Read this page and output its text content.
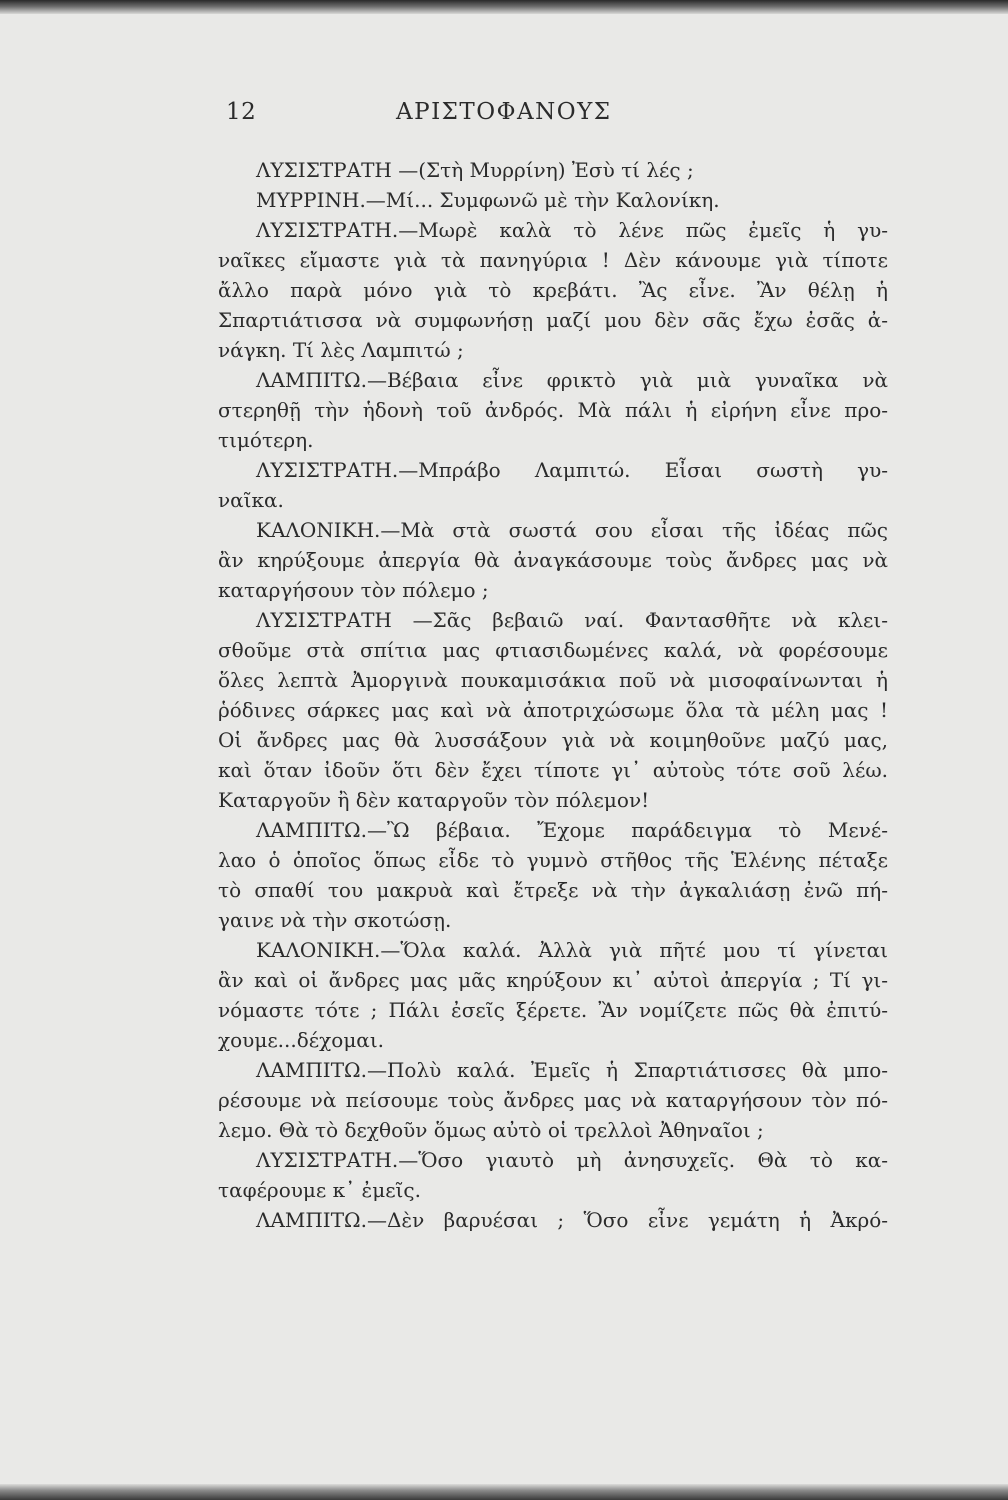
12	ΑΡΙΣΤΟΦΑΝΟΥΣ
ΛΥΣΙΣΤΡΑΤΗ —(Στὴ Μυρρίνη) Ἐσὺ τί λές ;
ΜΥΡΡΙΝΗ.—Μί... Συμφωνῶ μὲ τὴν Καλονίκη.
ΛΥΣΙΣΤΡΑΤΗ.—Μωρὲ καλὰ τὸ λένε πῶς ἐμεῖς ἡ γυ-
ναῖκες εἴμαστε γιὰ τὰ πανηγύρια ! Δὲν κάνουμε γιὰ τίποτε
ἄλλο παρὰ μόνο γιὰ τὸ κρεβάτι. Ἂς εἶνε. Ἂν θέλῃ ἡ
Σπαρτιάτισσα νὰ συμφωνήσῃ μαζί μου δὲν σᾶς ἔχω ἐσᾶς ἀ-
νάγκη. Τί λὲς Λαμπιτώ ;
ΛΑΜΠΙΤΩ.—Βέβαια εἶνε φρικτὸ γιὰ μιὰ γυναῖκα νὰ
στερηθῇ τὴν ἡδονὴ τοῦ ἀνδρός. Μὰ πάλι ἡ εἰρήνη εἶνε προ-
τιμότερη.
ΛΥΣΙΣΤΡΑΤΗ.—Μπράβο Λαμπιτώ. Εἶσαι σωστὴ γυ-
ναῖκα.
ΚΑΛΟΝΙΚΗ.—Μὰ στὰ σωστά σου εἶσαι τῆς ἰδέας πῶς
ἂν κηρύξουμε ἀπεργία θὰ ἀναγκάσουμε τοὺς ἄνδρες μας νὰ
καταργήσουν τὸν πόλεμο ;
ΛΥΣΙΣΤΡΑΤΗ —Σᾶς βεβαιῶ ναί. Φαντασθῆτε νὰ κλει-
σθοῦμε στὰ σπίτια μας φτιασιδωμένες καλά, νὰ φορέσουμε
ὅλες λεπτὰ Ἀμοργινὰ πουκαμισάκια ποῦ νὰ μισοφαίνωνται ἡ
ῥόδινες σάρκες μας καὶ νὰ ἀποτριχώσωμε ὅλα τὰ μέλη μας !
Οἱ ἄνδρες μας θὰ λυσσάξουν γιὰ νὰ κοιμηθοῦνε μαζύ μας,
καὶ ὅταν ἰδοῦν ὅτι δὲν ἔχει τίποτε γι᾽ αὐτοὺς τότε σοῦ λέω.
Καταργοῦν ἢ δὲν καταργοῦν τὸν πόλεμον!
ΛΑΜΠΙΤΩ.—Ὢ βέβαια. Ἔχομε παράδειγμα τὸ Μενέ-
λαο ὁ ὁποῖος ὅπως εἶδε τὸ γυμνὸ στῆθος τῆς Ἑλένης πέταξε
τὸ σπαθί του μακρυὰ καὶ ἔτρεξε νὰ τὴν ἀγκαλιάσῃ ἐνῶ πή-
γαινε νὰ τὴν σκοτώσῃ.
ΚΑΛΟΝΙΚΗ.—Ὅλα καλά. Ἀλλὰ γιὰ πῆτέ μου τί γίνεται
ἂν καὶ οἱ ἄνδρες μας μᾶς κηρύξουν κι᾽ αὐτοὶ ἀπεργία ; Τί γι-
νόμαστε τότε ; Πάλι ἐσεῖς ξέρετε. Ἂν νομίζετε πῶς θὰ ἐπιτύ-
χουμε...δέχομαι.
ΛΑΜΠΙΤΩ.—Πολὺ καλά. Ἐμεῖς ἡ Σπαρτιάτισσες θὰ μπο-
ρέσουμε νὰ πείσουμε τοὺς ἄνδρες μας νὰ καταργήσουν τὸν πό-
λεμο. Θὰ τὸ δεχθοῦν ὅμως αὐτὸ οἱ τρελλοὶ Ἀθηναῖοι ;
ΛΥΣΙΣΤΡΑΤΗ.—Ὅσο γιαυτὸ μὴ ἀνησυχεῖς. Θὰ τὸ κα-
ταφέρουμε κ᾽ ἐμεῖς.
ΛΑΜΠΙΤΩ.—Δὲν βαρυέσαι ; Ὅσο εἶνε γεμάτη ἡ Ἀκρό-
